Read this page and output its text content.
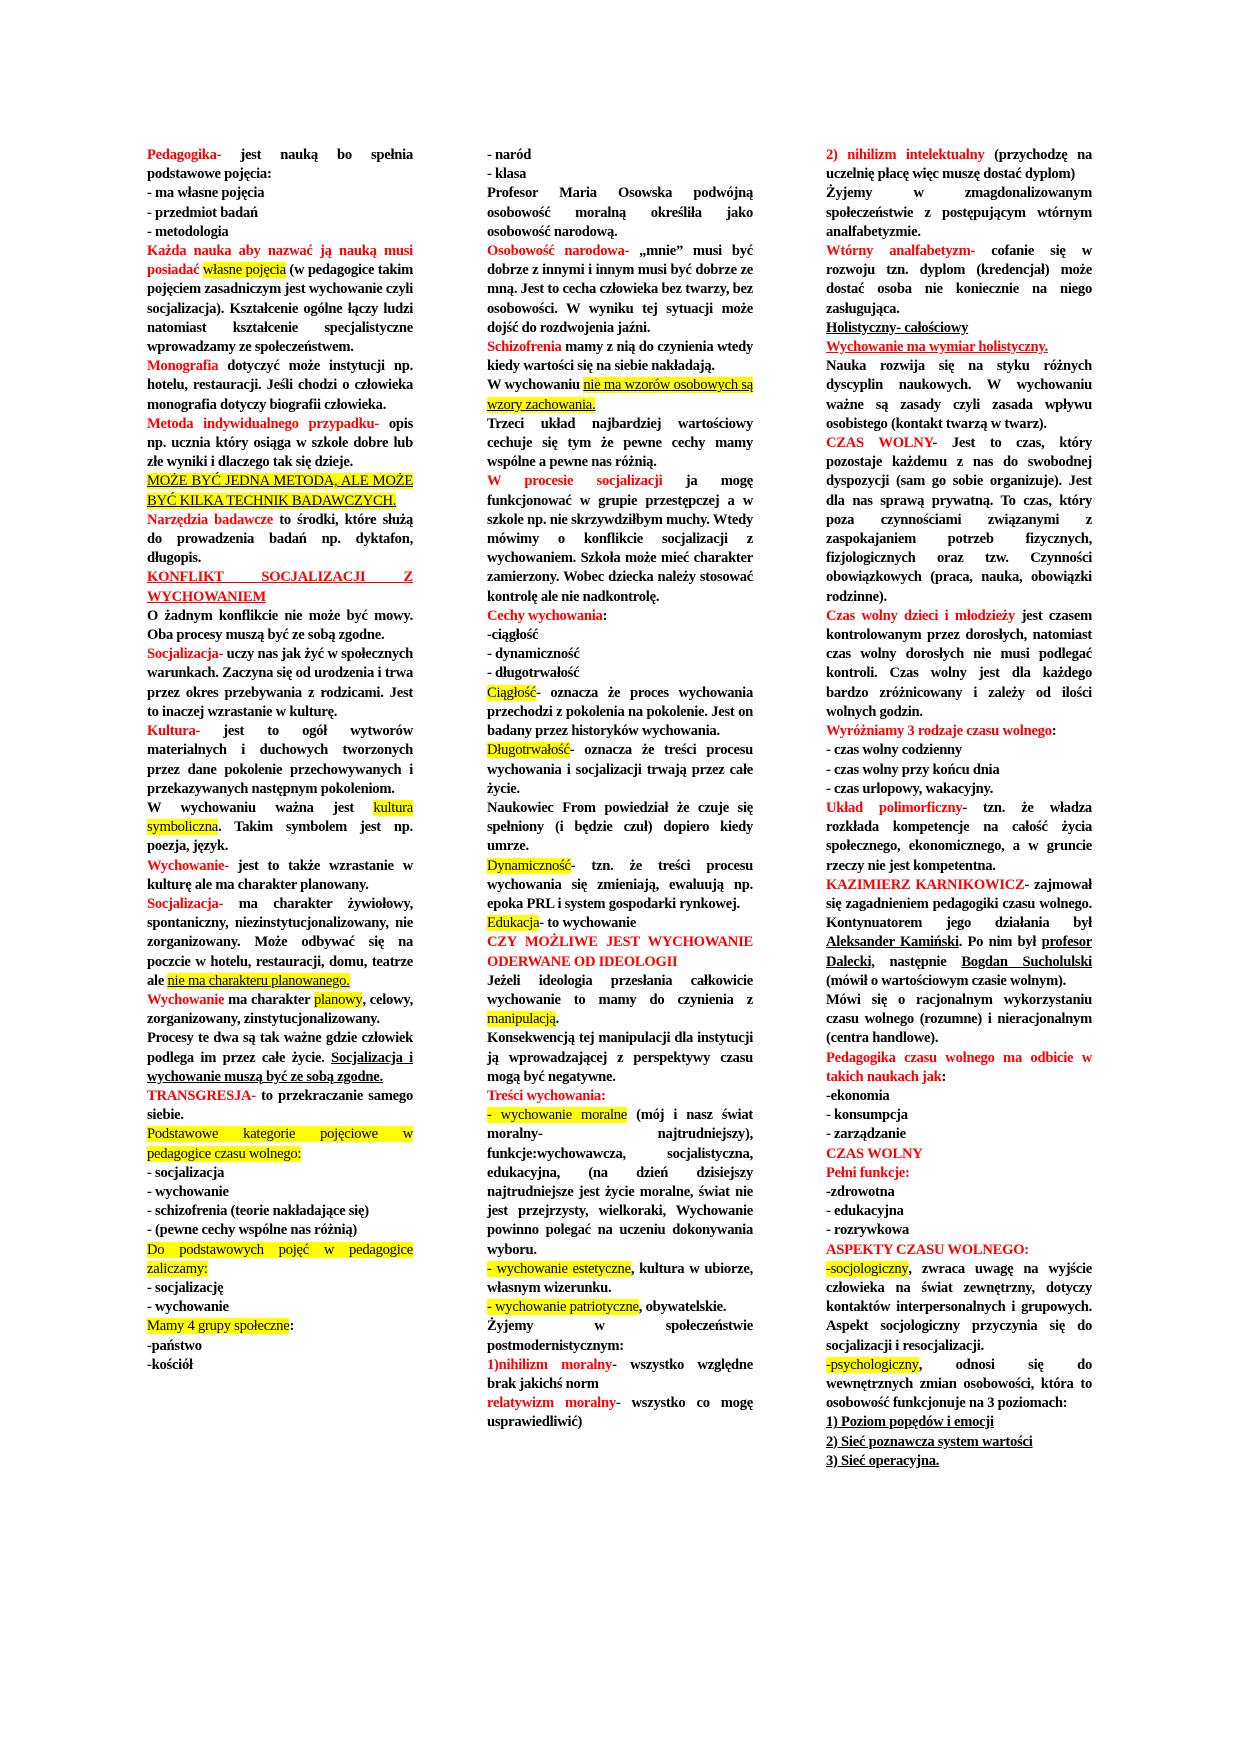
Pedagogika- jest nauką bo spełnia podstawowe pojęcia:

- ma własne pojęcia

- przedmiot badań

- metodologia

Każda nauka aby nazwać ją nauką musi posiadać własne pojęcia (w pedagogice takim pojęciem zasadniczym jest wychowanie czyli socjalizacja). Kształcenie ogólne łączy ludzi natomiast kształcenie specjalistyczne wprowadzamy ze społeczeństwem.

Monografia dotyczyć może instytucji np. hotelu, restauracji. Jeśli chodzi o człowieka monografia dotyczy biografii człowieka.

Metoda indywidualnego przypadku- opis np. ucznia który osiąga w szkole dobre lub złe wyniki i dlaczego tak się dzieje.

MOŻE BYĆ JEDNA METODA, ALE MOŻE BYĆ KILKA TECHNIK BADAWCZYCH.

Narzędzia badawcze to środki, które służą do prowadzenia badań np. dyktafon, długopis.

KONFLIKT SOCJALIZACJI Z WYCHOWANIEM

O żadnym konflikcie nie może być mowy. Oba procesy muszą być ze sobą zgodne.

Socjalizacja- uczy nas jak żyć w społecznych warunkach. Zaczyna się od urodzenia i trwa przez okres przebywania z rodzicami. Jest to inaczej wzrastanie w kulturę.

Kultura- jest to ogół wytworów materialnych i duchowych tworzonych przez dane pokolenie przechowywanych i przekazywanych następnym pokoleniom.

W wychowaniu ważna jest kultura symboliczna. Takim symbolem jest np. poezja, język.

Wychowanie- jest to także wzrastanie w kulturę ale ma charakter planowany.

Socjalizacja- ma charakter żywiołowy, spontaniczny, niezinstytucjonalizowany, nie zorganizowany. Może odbywać się na poczcie w hotelu, restauracji, domu, teatrze ale nie ma charakteru planowanego.

Wychowanie ma charakter planowy, celowy, zorganizowany, zinstytucjonalizowany.

Procesy te dwa są tak ważne gdzie człowiek podlega im przez całe życie. Socjalizacja i wychowanie muszą być ze sobą zgodne.

TRANSGRESJA- to przekraczanie samego siebie.

Podstawowe kategorie pojęciowe w pedagogice czasu wolnego:

- socjalizacja

- wychowanie

- schizofrenia (teorie nakładające się)

- (pewne cechy wspólne nas różnią)

Do podstawowych pojęć w pedagogice zaliczamy:

- socjalizację

- wychowanie

Mamy 4 grupy społeczne:

-państwo

-kościół

- naród

- klasa

Profesor Maria Osowska podwójną osobowość moralną określiła jako osobowość narodową.

Osobowość narodowa- „mnie” musi być dobrze z innymi i innym musi być dobrze ze mną. Jest to cecha człowieka bez twarzy, bez osobowości. W wyniku tej sytuacji może dojść do rozdwojenia jaźni.

Schizofrenia mamy z nią do czynienia wtedy kiedy wartości się na siebie nakładają.

W wychowaniu nie ma wzorów osobowych są wzory zachowania.

Trzeci układ najbardziej wartościowy cechuje się tym że pewne cechy mamy wspólne a pewne nas różnią.

W procesie socjalizacji ja mogę funkcjonować w grupie przestępczej a w szkole np. nie skrzywdziłbym muchy. Wtedy mówimy o konflikcie socjalizacji z wychowaniem. Szkoła może mieć charakter zamierzony. Wobec dziecka należy stosować kontrolę ale nie nadkontrolę.

Cechy wychowania:

-ciągłość

- dynamiczność

- długotrwałość

Ciągłość- oznacza że proces wychowania przechodzi z pokolenia na pokolenie. Jest on badany przez historyków wychowania.

Długotrwałość- oznacza że treści procesu wychowania i socjalizacji trwają przez całe życie.

Naukowiec From powiedział że czuje się spełniony (i będzie czuł) dopiero kiedy umrze.

Dynamiczność- tzn. że treści procesu wychowania się zmieniają, ewaluują np. epoka PRL i system gospodarki rynkowej.

Edukacja- to wychowanie

CZY MOŻLIWE JEST WYCHOWANIE ODERWANE OD IDEOLOGII

Jeżeli ideologia przesłania całkowicie wychowanie to mamy do czynienia z manipulacją.

Konsekwencją tej manipulacji dla instytucji ją wprowadzającej z perspektywy czasu mogą być negatywne.

Treści wychowania:

- wychowanie moralne (mój i nasz świat moralny- najtrudniejszy), funkcje:wychowawcza, socjalistyczna, edukacyjna, (na dzień dzisiejszy najtrudniejsze jest życie moralne, świat nie jest przejrzysty, wielkoraki, Wychowanie powinno polegać na uczeniu dokonywania wyboru.

- wychowanie estetyczne, kultura w ubiorze, własnym wizerunku.

- wychowanie patriotyczne, obywatelskie.

Żyjemy w społeczeństwie postmodernistycznym:

1)nihilizm moralny- wszystko względne brak jakichś norm

relatywizm moralny- wszystko co mogę usprawiedliwić)

2) nihilizm intelektualny (przychodzę na uczelnię płacę więc muszę dostać dyplom)

Żyjemy w zmagdonalizowanym społeczeństwie z postępującym wtórnym analfabetyzmie.

Wtórny analfabetyzm- cofanie się w rozwoju tzn. dyplom (kredencjał) może dostać osoba nie koniecznie na niego zasługująca.

Holistyczny- całościowy

Wychowanie ma wymiar holistyczny.

Nauka rozwija się na styku różnych dyscyplin naukowych. W wychowaniu ważne są zasady czyli zasada wpływu osobistego (kontakt twarzą w twarz).

CZAS WOLNY- Jest to czas, który pozostaje każdemu z nas do swobodnej dyspozycji (sam go sobie organizuje). Jest dla nas sprawą prywatną. To czas, który poza czynnościami związanymi z zaspokajaniem potrzeb fizycznych, fizjologicznych oraz tzw. Czynności obowiązkowych (praca, nauka, obowiązki rodzinne).

Czas wolny dzieci i młodzieży jest czasem kontrolowanym przez dorosłych, natomiast czas wolny dorosłych nie musi podlegać kontroli. Czas wolny jest dla każdego bardzo zróżnicowany i zależy od ilości wolnych godzin.

Wyróżniamy 3 rodzaje czasu wolnego:

- czas wolny codzienny

- czas wolny przy końcu dnia

- czas urlopowy, wakacyjny.

Układ polimorficzny- tzn. że władza rozkłada kompetencje na całość życia społecznego, ekonomicznego, a w gruncie rzeczy nie jest kompetentna.

KAZIMIERZ KARNIKOWICZ- zajmował się zagadnieniem pedagogiki czasu wolnego. Kontynuatorem jego działania był Aleksander Kamiński. Po nim był profesor Dalecki, następnie Bogdan Sucholulski (mówił o wartościowym czasie wolnym).

Mówi się o racjonalnym wykorzystaniu czasu wolnego (rozumne) i nieracjonalnym (centra handlowe).

Pedagogika czasu wolnego ma odbicie w takich naukach jak:

-ekonomia

- konsumpcja

- zarządzanie

CZAS WOLNY

Pełni funkcje:

-zdrowotna

- edukacyjna

- rozrywkowa

ASPEKTY CZASU WOLNEGO:

-socjologiczny, zwraca uwagę na wyjście człowieka na świat zewnętrzny, dotyczy kontaktów interpersonalnych i grupowych. Aspekt socjologiczny przyczynia się do socjalizacji i resocjalizacji.

-psychologiczny, odnosi się do wewnętrznych zmian osobowości, która to osobowość funkcjonuje na 3 poziomach:

1) Poziom popędów i emocji

2) Sieć poznawcza system wartości

3) Sieć operacyjna.
